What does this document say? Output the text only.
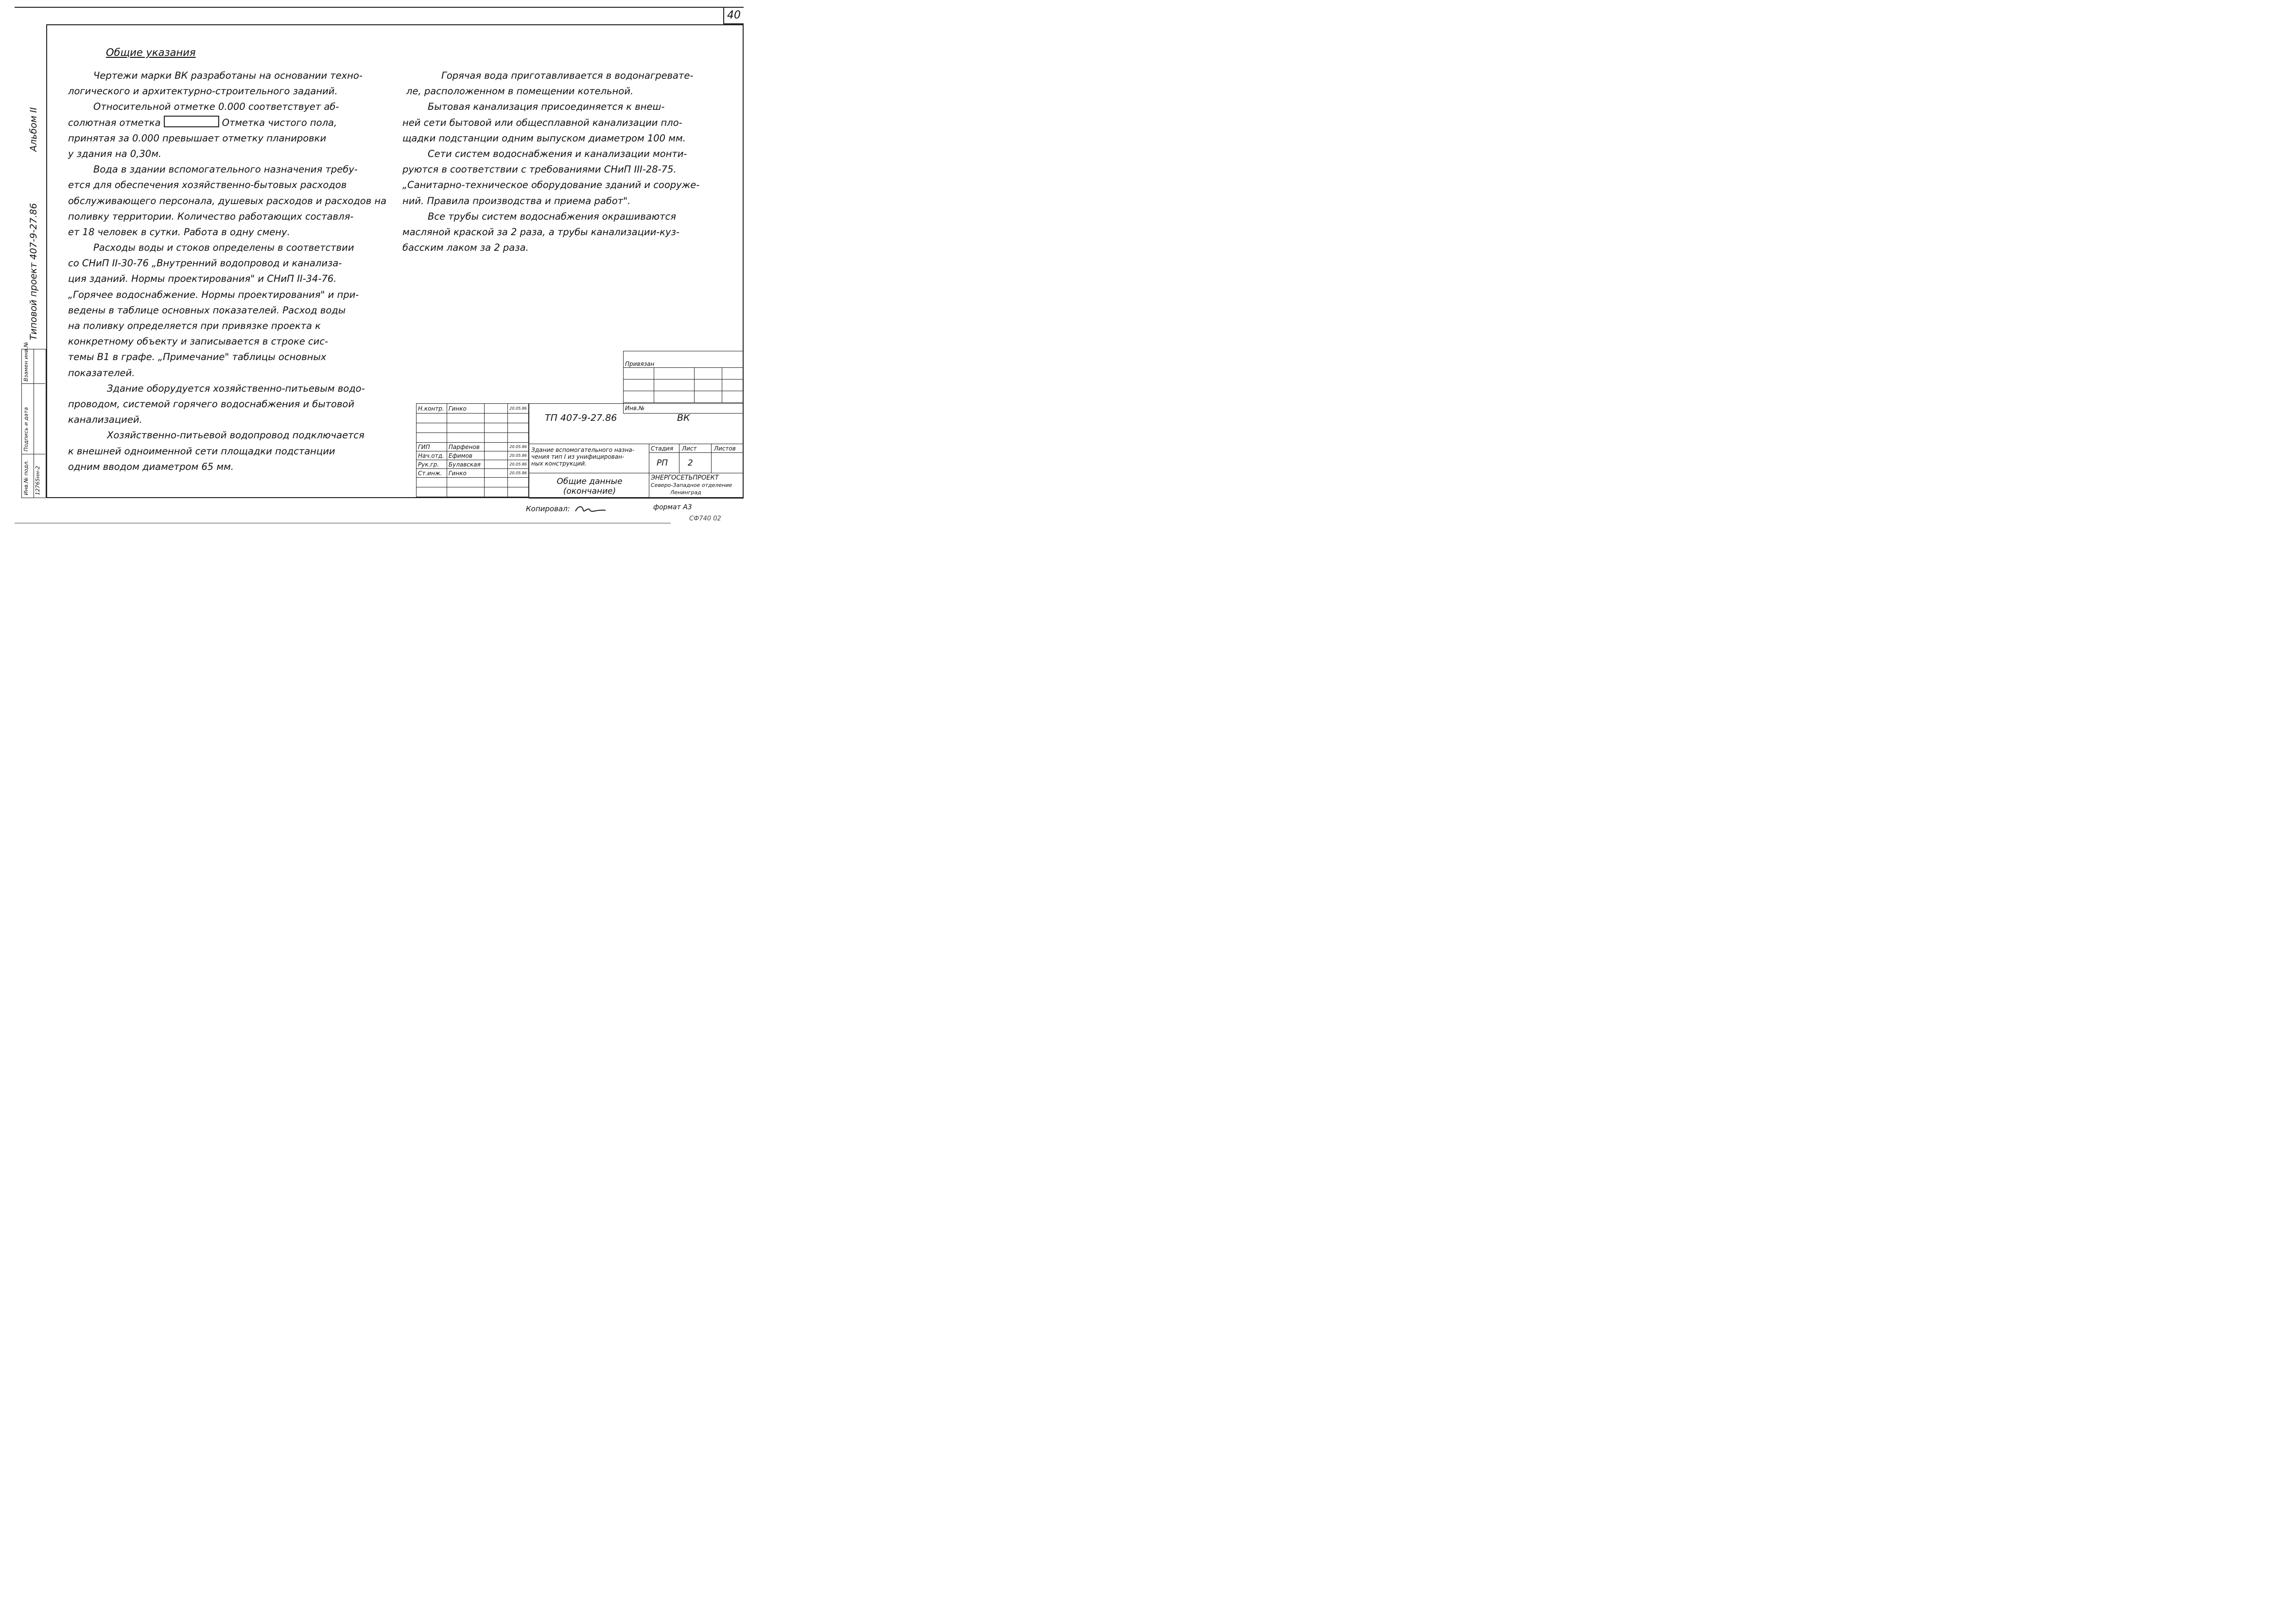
40
Альбом II
Типовой проект 407-9-27.86
Инв.№ подл. 12765нн-2
Подпись и дата
Взамен инв.№
Общие указания
Чертежи марки ВК разработаны на основании техно-
логического и архитектурно-строительного заданий.
Относительной отметке 0.000 соответствует аб-
солютная отметка	Отметка чистого пола,
принятая за 0.000 превышает отметку планировки
у здания на 0,30м.
Вода в здании вспомогательного назначения требу-
ется для обеспечения хозяйственно-бытовых расходов
обслуживающего персонала, душевых расходов и расходов на
поливку территории. Количество работающих составля-
ет 18 человек в сутки. Работа в одну смену.
Расходы воды и стоков определены в соответствии
со СНиП II-30-76 „Внутренний водопровод и канализа-
ция зданий. Нормы проектирования" и СНиП II-34-76.
„Горячее водоснабжение. Нормы проектирования" и при-
ведены в таблице основных показателей. Расход воды
на поливку определяется при привязке проекта к
конкретному объекту и записывается в строке сис-
темы В1 в графе. „Примечание" таблицы основных
показателей.
Здание оборудуется хозяйственно-питьевым водо-
проводом, системой горячего водоснабжения и бытовой
канализацией.
Хозяйственно-питьевой водопровод подключается
к внешней одноименной сети площадки подстанции
одним вводом диаметром 65 мм.
Горячая вода приготавливается в водонагревате-
ле, расположенном в помещении котельной.
Бытовая канализация присоединяется к внеш-
ней сети бытовой или общесплавной канализации пло-
щадки подстанции одним выпуском диаметром 100 мм.
Сети систем водоснабжения и канализации монти-
руются в соответствии с требованиями СНиП III-28-75.
„Санитарно-техническое оборудование зданий и сооруже-
ний. Правила производства и приема работ".
Все трубы систем водоснабжения окрашиваются
масляной краской за 2 раза, а трубы канализации-куз-
басским лаком за 2 раза.
Привязан			

Инв.№			
Н.контр.	Гинко		20.05.86

ГИП	Парфенов		20.05.86
Нач.отд.	Ефимов		20.05.86
Рук.гр.	Булавская		20.05.86
Ст.инж.	Гинко		20.05.86

ТП 407-9-27.86	ВК
Здание вспомогательного назна-
чения тип I из унифицирован-
ных конструкций.
Общие данные
(окончание)
Стадия Лист	Листов
РП 2
ЭНЕРГОСЕТЬПРОЕКТ
Северо-Западное отделение
Ленинград
Копировал:	формат А3
СФ740 02
